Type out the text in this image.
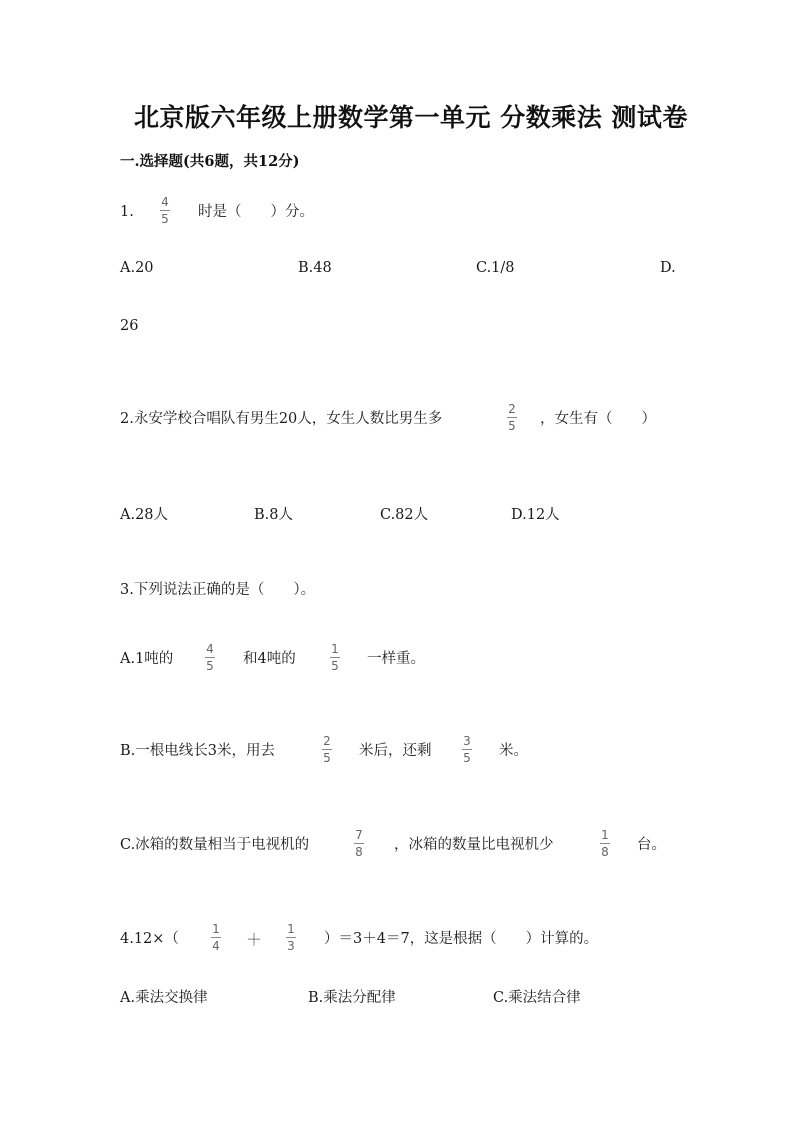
北京版六年级上册数学第一单元 分数乘法 测试卷
一.选择题(共6题，共12分)
1.
4
5 时是（　　）分。
A.20	B.48	C.1/8	D.
26
2.永安学校合唱队有男生20人，女生人数比男生多
2
5 ，女生有（　　）
A.28人	B.8人	C.82人	D.12人
3.下列说法正确的是（　　）。
A.1吨的
4
5 和4吨的
1
5 一样重。
B.一根电线长3米，用去
2
5 米后，还剩
3
5 米。
C.冰箱的数量相当于电视机的
7
8 ，冰箱的数量比电视机少
1
8 台。
4.12×（
1
4 ＋
1
3 ）＝3＋4＝7，这是根据（　　）计算的。
A.乘法交换律	B.乘法分配律	C.乘法结合律
